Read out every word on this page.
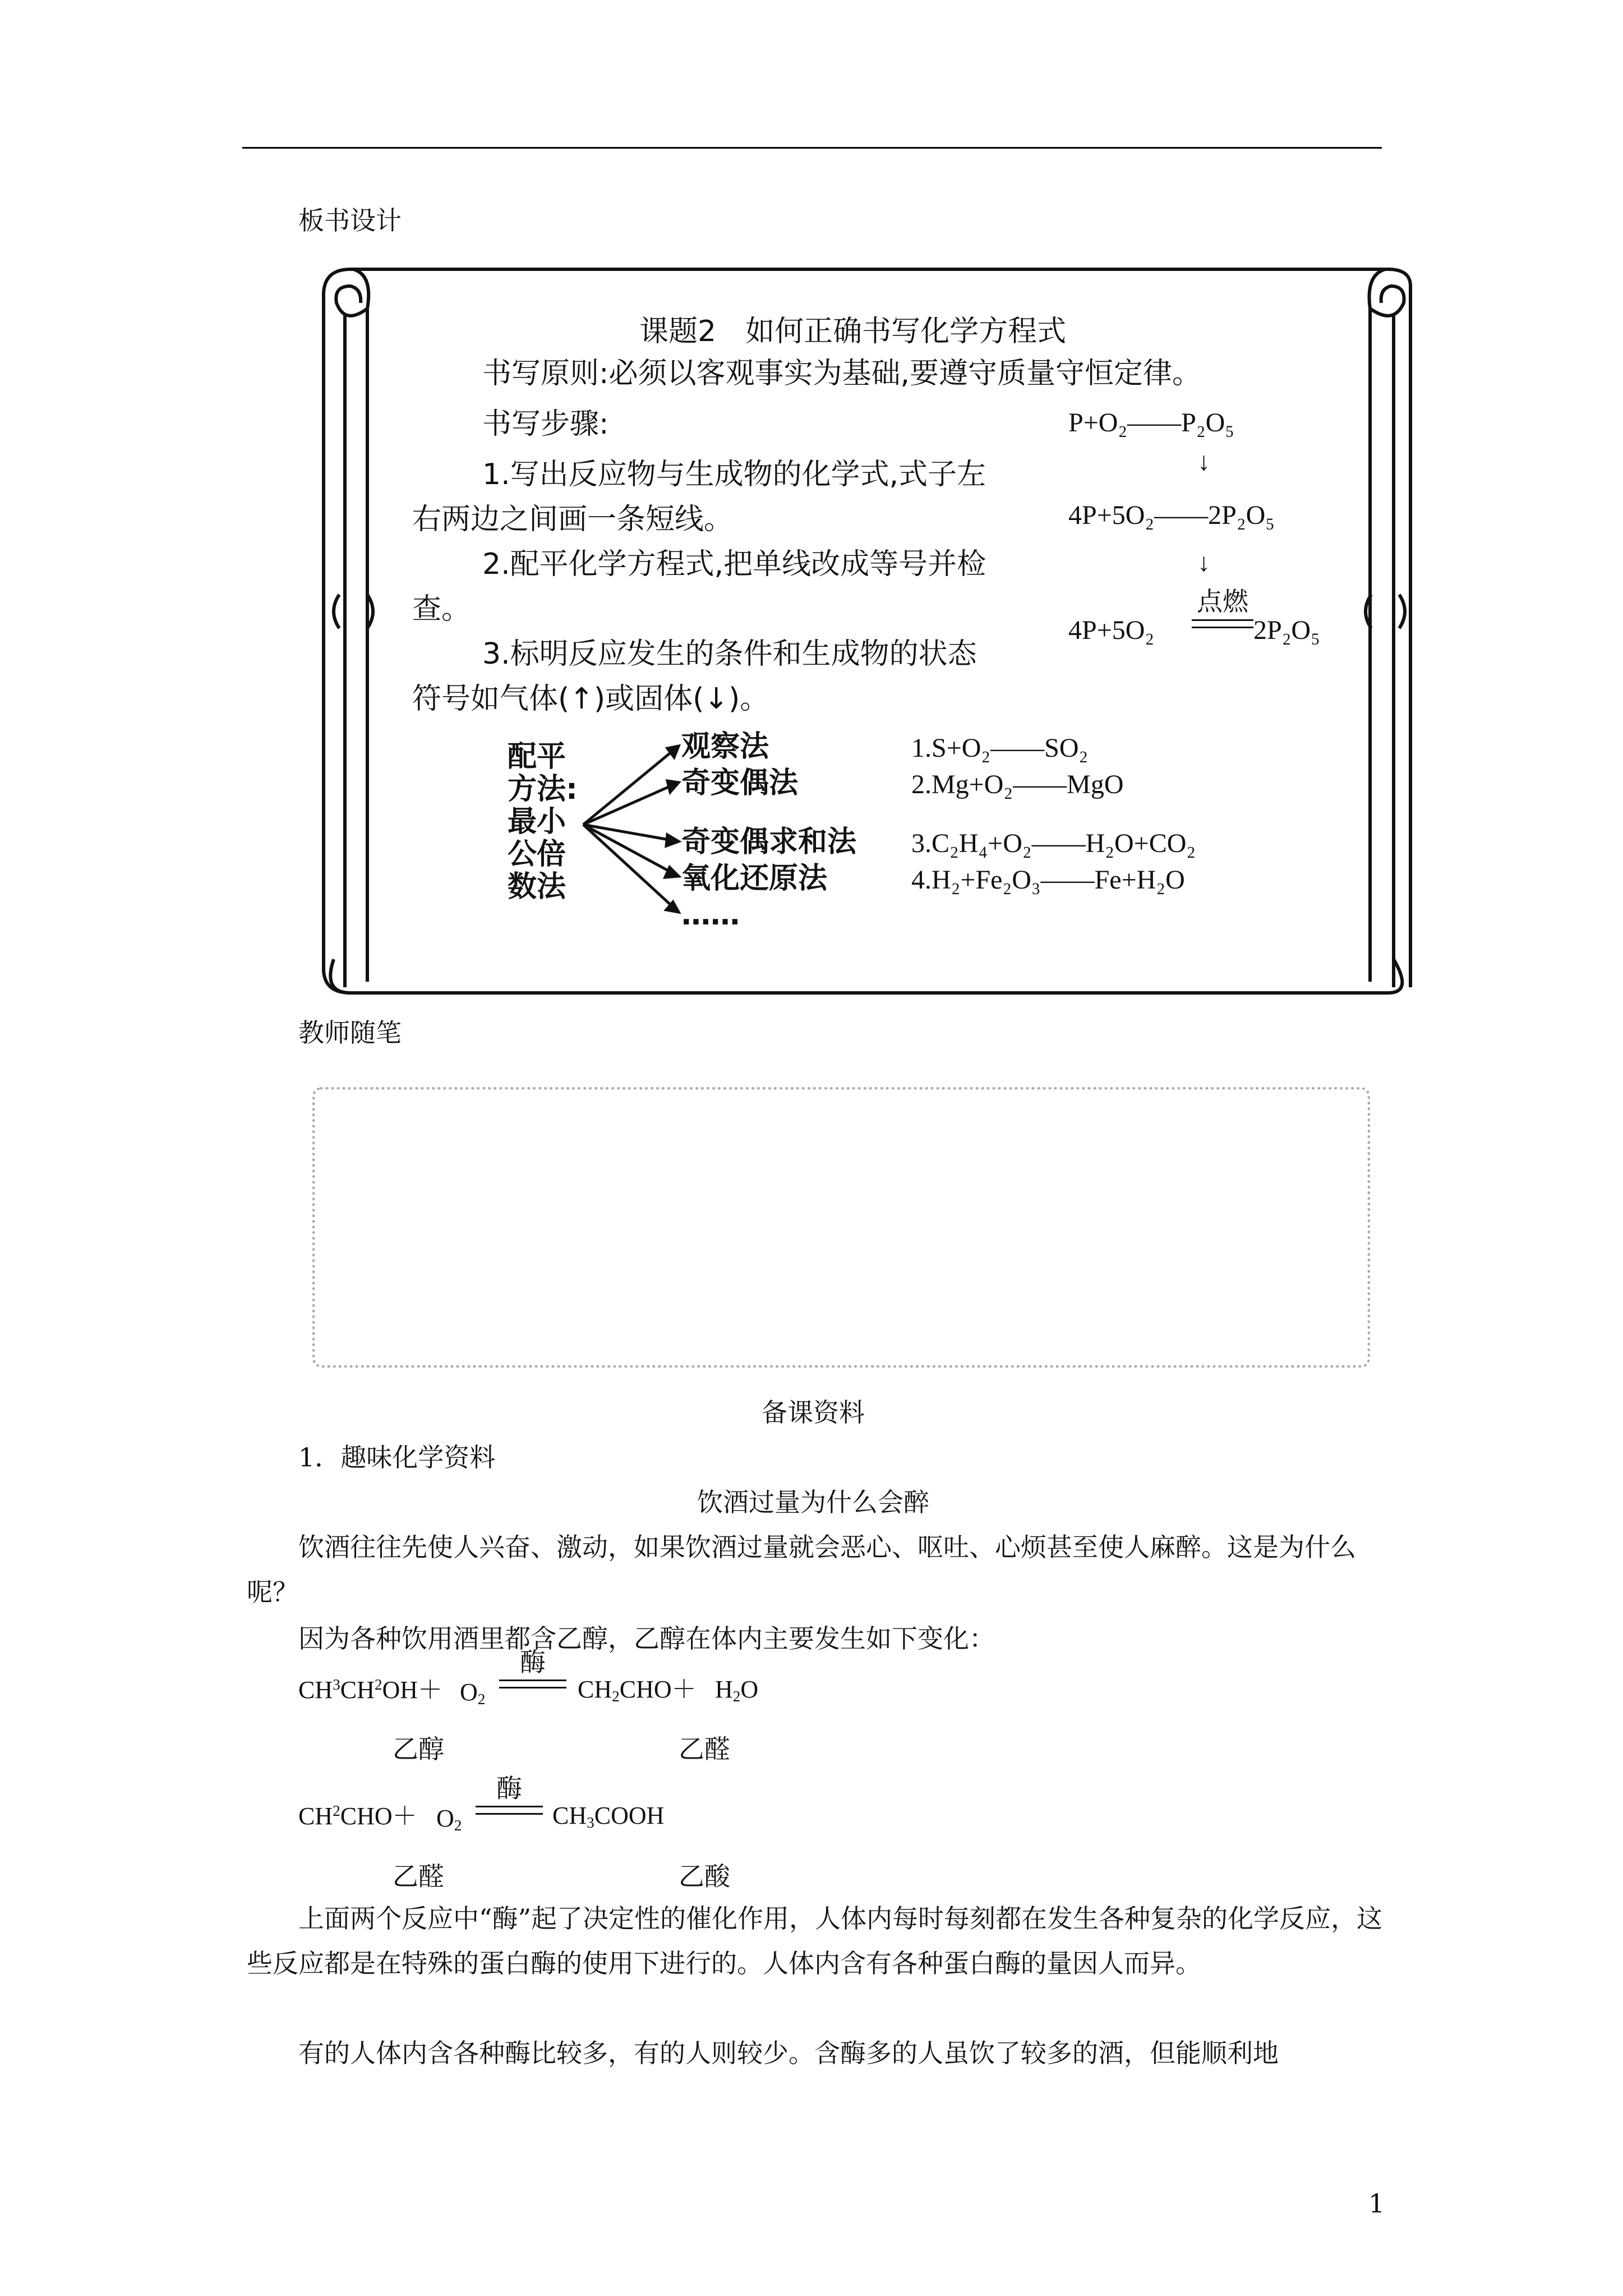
板书设计
课题2　如何正确书写化学方程式
书写原则:必须以客观事实为基础,要遵守质量守恒定律。
书写步骤:
1.写出反应物与生成物的化学式,式子左
右两边之间画一条短线。
2.配平化学方程式,把单线改成等号并检
查。
3.标明反应发生的条件和生成物的状态
符号如气体(↑)或固体(↓)。
P+O₂——P₂O₅
↓
4P+5O₂——2P₂O₅
↓
4P+5O₂
点燃
2P₂O₅
配平
方法:
最小
公倍
数法
观察法
奇变偶法
奇变偶求和法
氧化还原法
……
1.S+O₂——SO₂
2.Mg+O₂——MgO
3.C₂H₄+O₂——H₂O+CO₂
4.H₂+Fe₂O₃——Fe+H₂O
教师随笔
备课资料
1．趣味化学资料
饮酒过量为什么会醉
饮酒往往先使人兴奋、激动，如果饮酒过量就会恶心、呕吐、心烦甚至使人麻醉。这是为什么呢？
因为各种饮用酒里都含乙醇，乙醇在体内主要发生如下变化：
$CH^3CH^2OH+ O_2$
酶
$CH_2CHO+ H_2O$
乙醇	乙醛
$CH^2CHO+ O_2$
酶
$CH_3COOH$
乙醛	乙酸
上面两个反应中“酶”起了决定性的催化作用，人体内每时每刻都在发生各种复杂的化学反应，这些反应都是在特殊的蛋白酶的使用下进行的。人体内含有各种蛋白酶的量因人而异。
有的人体内含各种酶比较多，有的人则较少。含酶多的人虽饮了较多的酒，但能顺利地
1
